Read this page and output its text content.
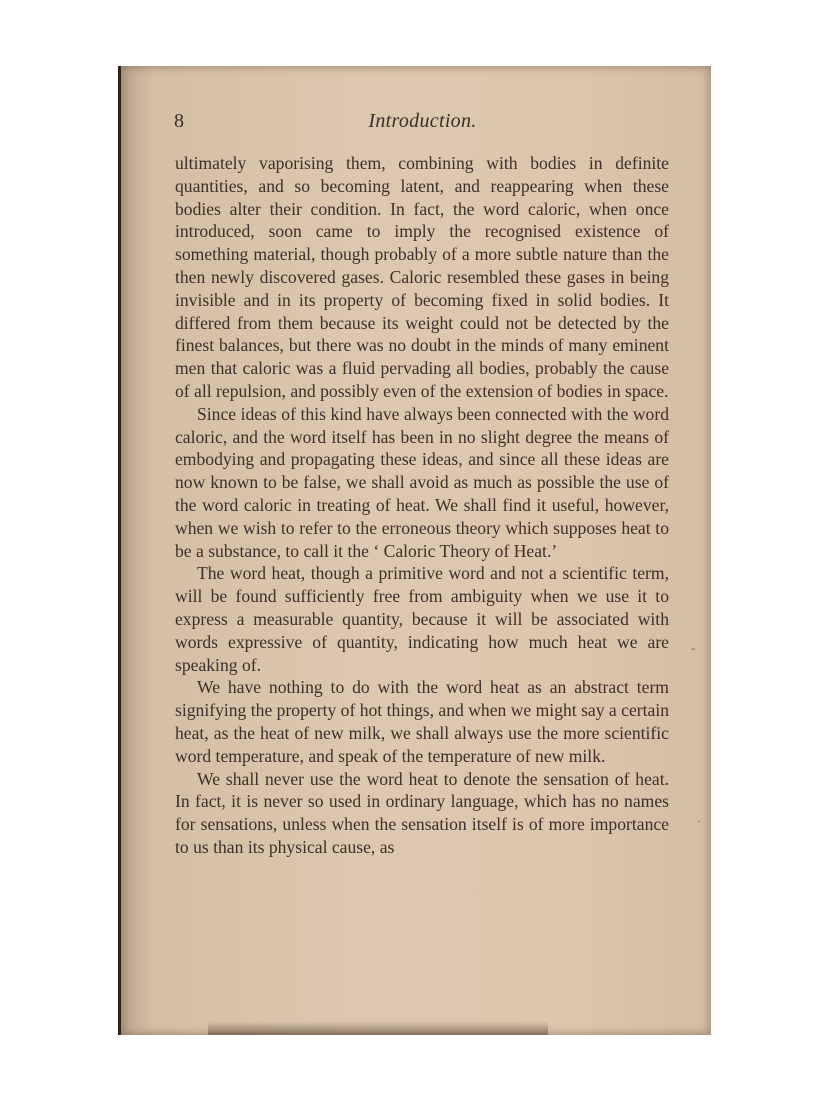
8	Introduction.

ultimately vaporising them, combining with bodies in definite quantities, and so becoming latent, and reappearing when these bodies alter their condition. In fact, the word caloric, when once introduced, soon came to imply the recognised existence of something material, though probably of a more subtle nature than the then newly discovered gases. Caloric resembled these gases in being invisible and in its property of becoming fixed in solid bodies. It differed from them because its weight could not be detected by the finest balances, but there was no doubt in the minds of many eminent men that caloric was a fluid pervading all bodies, probably the cause of all repulsion, and possibly even of the extension of bodies in space.

Since ideas of this kind have always been connected with the word caloric, and the word itself has been in no slight degree the means of embodying and propagating these ideas, and since all these ideas are now known to be false, we shall avoid as much as possible the use of the word caloric in treating of heat. We shall find it useful, however, when we wish to refer to the erroneous theory which supposes heat to be a substance, to call it the ‘ Caloric Theory of Heat.’

The word heat, though a primitive word and not a scientific term, will be found sufficiently free from ambiguity when we use it to express a measurable quantity, because it will be associated with words expressive of quantity, indicating how much heat we are speaking of.

We have nothing to do with the word heat as an abstract term signifying the property of hot things, and when we might say a certain heat, as the heat of new milk, we shall always use the more scientific word temperature, and speak of the temperature of new milk.

We shall never use the word heat to denote the sensation of heat. In fact, it is never so used in ordinary language, which has no names for sensations, unless when the sensation itself is of more importance to us than its physical cause, as

-
·
